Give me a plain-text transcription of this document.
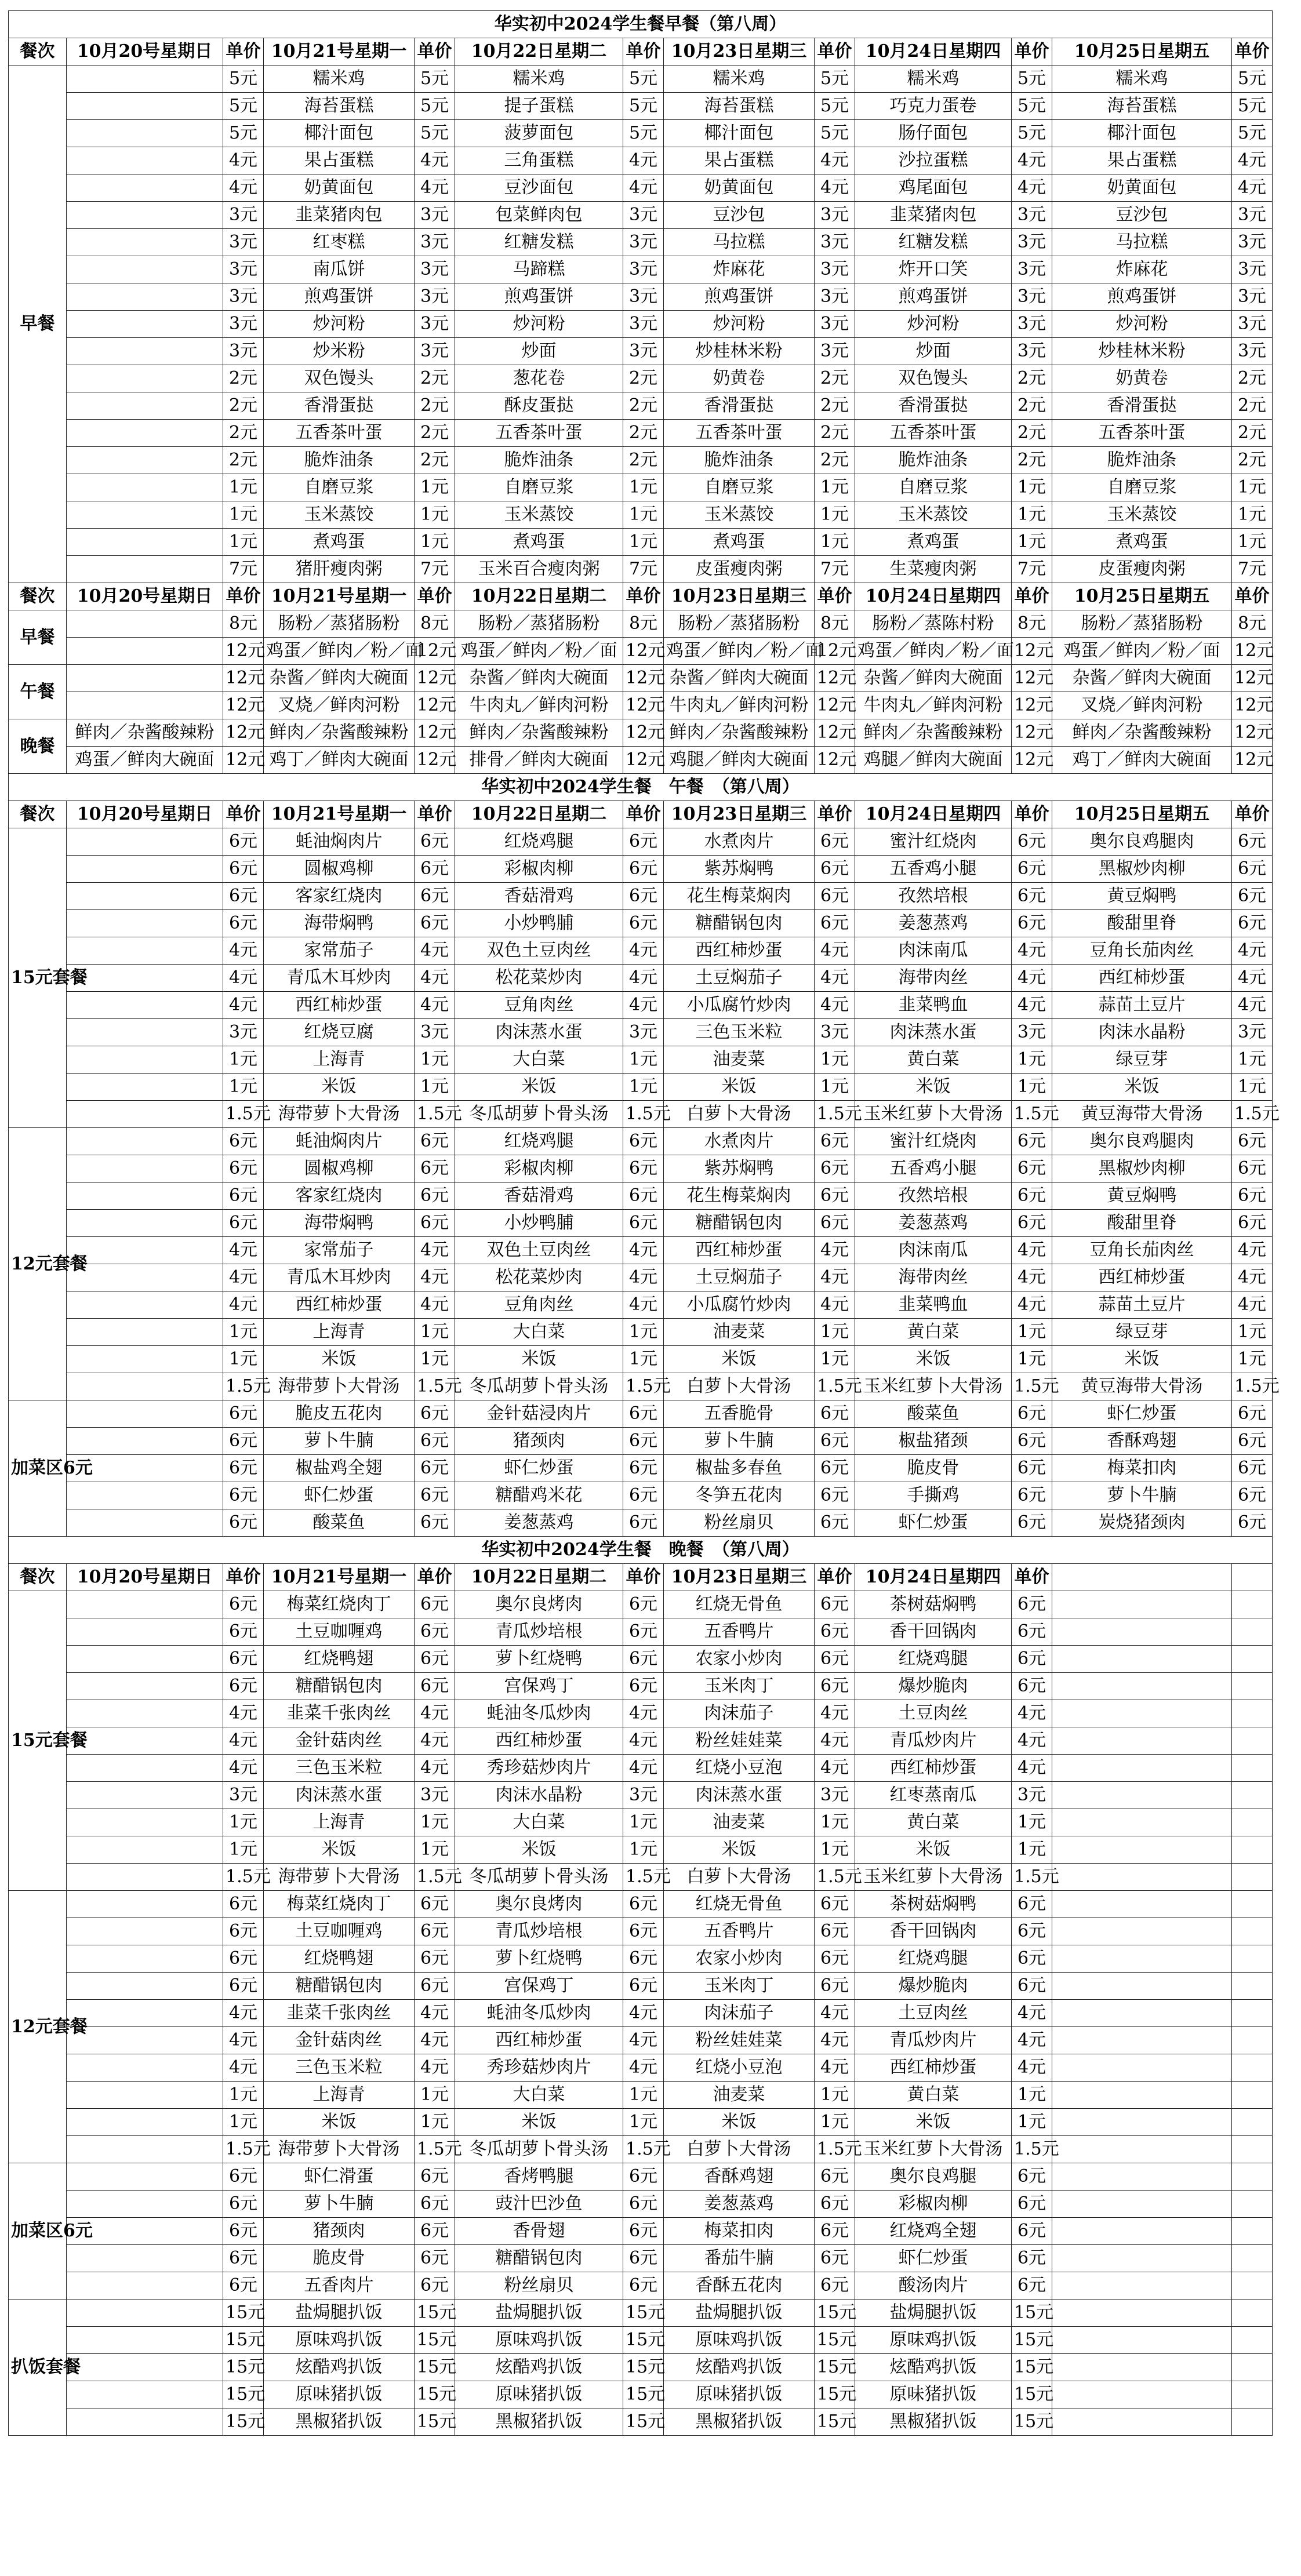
华实初中2024学生餐早餐（第八周）												
餐次	10月20号星期日	单价	10月21号星期一	单价	10月22日星期二	单价	10月23日星期三	单价	10月24日星期四	单价	10月25日星期五	单价
早餐		5元	糯米鸡	5元	糯米鸡	5元	糯米鸡	5元	糯米鸡	5元	糯米鸡	5元
		5元	海苔蛋糕	5元	提子蛋糕	5元	海苔蛋糕	5元	巧克力蛋卷	5元	海苔蛋糕	5元
		5元	椰汁面包	5元	菠萝面包	5元	椰汁面包	5元	肠仔面包	5元	椰汁面包	5元
		4元	果占蛋糕	4元	三角蛋糕	4元	果占蛋糕	4元	沙拉蛋糕	4元	果占蛋糕	4元
		4元	奶黄面包	4元	豆沙面包	4元	奶黄面包	4元	鸡尾面包	4元	奶黄面包	4元
		3元	韭菜猪肉包	3元	包菜鲜肉包	3元	豆沙包	3元	韭菜猪肉包	3元	豆沙包	3元
		3元	红枣糕	3元	红糖发糕	3元	马拉糕	3元	红糖发糕	3元	马拉糕	3元
		3元	南瓜饼	3元	马蹄糕	3元	炸麻花	3元	炸开口笑	3元	炸麻花	3元
		3元	煎鸡蛋饼	3元	煎鸡蛋饼	3元	煎鸡蛋饼	3元	煎鸡蛋饼	3元	煎鸡蛋饼	3元
		3元	炒河粉	3元	炒河粉	3元	炒河粉	3元	炒河粉	3元	炒河粉	3元
		3元	炒米粉	3元	炒面	3元	炒桂林米粉	3元	炒面	3元	炒桂林米粉	3元
		2元	双色馒头	2元	葱花卷	2元	奶黄卷	2元	双色馒头	2元	奶黄卷	2元
		2元	香滑蛋挞	2元	酥皮蛋挞	2元	香滑蛋挞	2元	香滑蛋挞	2元	香滑蛋挞	2元
		2元	五香茶叶蛋	2元	五香茶叶蛋	2元	五香茶叶蛋	2元	五香茶叶蛋	2元	五香茶叶蛋	2元
		2元	脆炸油条	2元	脆炸油条	2元	脆炸油条	2元	脆炸油条	2元	脆炸油条	2元
		1元	自磨豆浆	1元	自磨豆浆	1元	自磨豆浆	1元	自磨豆浆	1元	自磨豆浆	1元
		1元	玉米蒸饺	1元	玉米蒸饺	1元	玉米蒸饺	1元	玉米蒸饺	1元	玉米蒸饺	1元
		1元	煮鸡蛋	1元	煮鸡蛋	1元	煮鸡蛋	1元	煮鸡蛋	1元	煮鸡蛋	1元
		7元	猪肝瘦肉粥	7元	玉米百合瘦肉粥	7元	皮蛋瘦肉粥	7元	生菜瘦肉粥	7元	皮蛋瘦肉粥	7元
餐次	10月20号星期日	单价	10月21号星期一	单价	10月22日星期二	单价	10月23日星期三	单价	10月24日星期四	单价	10月25日星期五	单价
早餐		8元	肠粉／蒸猪肠粉	8元	肠粉／蒸猪肠粉	8元	肠粉／蒸猪肠粉	8元	肠粉／蒸陈村粉	8元	肠粉／蒸猪肠粉	8元
		12元	鸡蛋／鲜肉／粉／面	12元	鸡蛋／鲜肉／粉／面	12元	鸡蛋／鲜肉／粉／面	12元	鸡蛋／鲜肉／粉／面	12元	鸡蛋／鲜肉／粉／面	12元
午餐		12元	杂酱／鲜肉大碗面	12元	杂酱／鲜肉大碗面	12元	杂酱／鲜肉大碗面	12元	杂酱／鲜肉大碗面	12元	杂酱／鲜肉大碗面	12元
		12元	叉烧／鲜肉河粉	12元	牛肉丸／鲜肉河粉	12元	牛肉丸／鲜肉河粉	12元	牛肉丸／鲜肉河粉	12元	叉烧／鲜肉河粉	12元
晚餐	鲜肉／杂酱酸辣粉	12元	鲜肉／杂酱酸辣粉	12元	鲜肉／杂酱酸辣粉	12元	鲜肉／杂酱酸辣粉	12元	鲜肉／杂酱酸辣粉	12元	鲜肉／杂酱酸辣粉	12元
	鸡蛋／鲜肉大碗面	12元	鸡丁／鲜肉大碗面	12元	排骨／鲜肉大碗面	12元	鸡腿／鲜肉大碗面	12元	鸡腿／鲜肉大碗面	12元	鸡丁／鲜肉大碗面	12元
华实初中2024学生餐　午餐　（第八周）												
餐次	10月20号星期日	单价	10月21号星期一	单价	10月22日星期二	单价	10月23日星期三	单价	10月24日星期四	单价	10月25日星期五	单价
15元套餐		6元	蚝油焖肉片	6元	红烧鸡腿	6元	水煮肉片	6元	蜜汁红烧肉	6元	奥尔良鸡腿肉	6元
		6元	圆椒鸡柳	6元	彩椒肉柳	6元	紫苏焖鸭	6元	五香鸡小腿	6元	黑椒炒肉柳	6元
		6元	客家红烧肉	6元	香菇滑鸡	6元	花生梅菜焖肉	6元	孜然培根	6元	黄豆焖鸭	6元
		6元	海带焖鸭	6元	小炒鸭脯	6元	糖醋锅包肉	6元	姜葱蒸鸡	6元	酸甜里脊	6元
		4元	家常茄子	4元	双色土豆肉丝	4元	西红柿炒蛋	4元	肉沫南瓜	4元	豆角长茄肉丝	4元
		4元	青瓜木耳炒肉	4元	松花菜炒肉	4元	土豆焖茄子	4元	海带肉丝	4元	西红柿炒蛋	4元
		4元	西红柿炒蛋	4元	豆角肉丝	4元	小瓜腐竹炒肉	4元	韭菜鸭血	4元	蒜苗土豆片	4元
		3元	红烧豆腐	3元	肉沫蒸水蛋	3元	三色玉米粒	3元	肉沫蒸水蛋	3元	肉沫水晶粉	3元
		1元	上海青	1元	大白菜	1元	油麦菜	1元	黄白菜	1元	绿豆芽	1元
		1元	米饭	1元	米饭	1元	米饭	1元	米饭	1元	米饭	1元
		1.5元	海带萝卜大骨汤	1.5元	冬瓜胡萝卜骨头汤	1.5元	白萝卜大骨汤	1.5元	玉米红萝卜大骨汤	1.5元	黄豆海带大骨汤	1.5元
12元套餐		6元	蚝油焖肉片	6元	红烧鸡腿	6元	水煮肉片	6元	蜜汁红烧肉	6元	奥尔良鸡腿肉	6元
		6元	圆椒鸡柳	6元	彩椒肉柳	6元	紫苏焖鸭	6元	五香鸡小腿	6元	黑椒炒肉柳	6元
		6元	客家红烧肉	6元	香菇滑鸡	6元	花生梅菜焖肉	6元	孜然培根	6元	黄豆焖鸭	6元
		6元	海带焖鸭	6元	小炒鸭脯	6元	糖醋锅包肉	6元	姜葱蒸鸡	6元	酸甜里脊	6元
		4元	家常茄子	4元	双色土豆肉丝	4元	西红柿炒蛋	4元	肉沫南瓜	4元	豆角长茄肉丝	4元
		4元	青瓜木耳炒肉	4元	松花菜炒肉	4元	土豆焖茄子	4元	海带肉丝	4元	西红柿炒蛋	4元
		4元	西红柿炒蛋	4元	豆角肉丝	4元	小瓜腐竹炒肉	4元	韭菜鸭血	4元	蒜苗土豆片	4元
		1元	上海青	1元	大白菜	1元	油麦菜	1元	黄白菜	1元	绿豆芽	1元
		1元	米饭	1元	米饭	1元	米饭	1元	米饭	1元	米饭	1元
		1.5元	海带萝卜大骨汤	1.5元	冬瓜胡萝卜骨头汤	1.5元	白萝卜大骨汤	1.5元	玉米红萝卜大骨汤	1.5元	黄豆海带大骨汤	1.5元
加菜区6元		6元	脆皮五花肉	6元	金针菇浸肉片	6元	五香脆骨	6元	酸菜鱼	6元	虾仁炒蛋	6元
		6元	萝卜牛腩	6元	猪颈肉	6元	萝卜牛腩	6元	椒盐猪颈	6元	香酥鸡翅	6元
		6元	椒盐鸡全翅	6元	虾仁炒蛋	6元	椒盐多春鱼	6元	脆皮骨	6元	梅菜扣肉	6元
		6元	虾仁炒蛋	6元	糖醋鸡米花	6元	冬笋五花肉	6元	手撕鸡	6元	萝卜牛腩	6元
		6元	酸菜鱼	6元	姜葱蒸鸡	6元	粉丝扇贝	6元	虾仁炒蛋	6元	炭烧猪颈肉	6元
华实初中2024学生餐　晚餐　（第八周）												
餐次	10月20号星期日	单价	10月21号星期一	单价	10月22日星期二	单价	10月23日星期三	单价	10月24日星期四	单价		
15元套餐		6元	梅菜红烧肉丁	6元	奥尔良烤肉	6元	红烧无骨鱼	6元	茶树菇焖鸭	6元		
		6元	土豆咖喱鸡	6元	青瓜炒培根	6元	五香鸭片	6元	香干回锅肉	6元		
		6元	红烧鸭翅	6元	萝卜红烧鸭	6元	农家小炒肉	6元	红烧鸡腿	6元		
		6元	糖醋锅包肉	6元	宫保鸡丁	6元	玉米肉丁	6元	爆炒脆肉	6元		
		4元	韭菜千张肉丝	4元	蚝油冬瓜炒肉	4元	肉沫茄子	4元	土豆肉丝	4元		
		4元	金针菇肉丝	4元	西红柿炒蛋	4元	粉丝娃娃菜	4元	青瓜炒肉片	4元		
		4元	三色玉米粒	4元	秀珍菇炒肉片	4元	红烧小豆泡	4元	西红柿炒蛋	4元		
		3元	肉沫蒸水蛋	3元	肉沫水晶粉	3元	肉沫蒸水蛋	3元	红枣蒸南瓜	3元		
		1元	上海青	1元	大白菜	1元	油麦菜	1元	黄白菜	1元		
		1元	米饭	1元	米饭	1元	米饭	1元	米饭	1元		
		1.5元	海带萝卜大骨汤	1.5元	冬瓜胡萝卜骨头汤	1.5元	白萝卜大骨汤	1.5元	玉米红萝卜大骨汤	1.5元		
12元套餐		6元	梅菜红烧肉丁	6元	奥尔良烤肉	6元	红烧无骨鱼	6元	茶树菇焖鸭	6元		
		6元	土豆咖喱鸡	6元	青瓜炒培根	6元	五香鸭片	6元	香干回锅肉	6元		
		6元	红烧鸭翅	6元	萝卜红烧鸭	6元	农家小炒肉	6元	红烧鸡腿	6元		
		6元	糖醋锅包肉	6元	宫保鸡丁	6元	玉米肉丁	6元	爆炒脆肉	6元		
		4元	韭菜千张肉丝	4元	蚝油冬瓜炒肉	4元	肉沫茄子	4元	土豆肉丝	4元		
		4元	金针菇肉丝	4元	西红柿炒蛋	4元	粉丝娃娃菜	4元	青瓜炒肉片	4元		
		4元	三色玉米粒	4元	秀珍菇炒肉片	4元	红烧小豆泡	4元	西红柿炒蛋	4元		
		1元	上海青	1元	大白菜	1元	油麦菜	1元	黄白菜	1元		
		1元	米饭	1元	米饭	1元	米饭	1元	米饭	1元		
		1.5元	海带萝卜大骨汤	1.5元	冬瓜胡萝卜骨头汤	1.5元	白萝卜大骨汤	1.5元	玉米红萝卜大骨汤	1.5元		
加菜区6元		6元	虾仁滑蛋	6元	香烤鸭腿	6元	香酥鸡翅	6元	奥尔良鸡腿	6元		
		6元	萝卜牛腩	6元	豉汁巴沙鱼	6元	姜葱蒸鸡	6元	彩椒肉柳	6元		
		6元	猪颈肉	6元	香骨翅	6元	梅菜扣肉	6元	红烧鸡全翅	6元		
		6元	脆皮骨	6元	糖醋锅包肉	6元	番茄牛腩	6元	虾仁炒蛋	6元		
		6元	五香肉片	6元	粉丝扇贝	6元	香酥五花肉	6元	酸汤肉片	6元		
扒饭套餐		15元	盐焗腿扒饭	15元	盐焗腿扒饭	15元	盐焗腿扒饭	15元	盐焗腿扒饭	15元		
		15元	原味鸡扒饭	15元	原味鸡扒饭	15元	原味鸡扒饭	15元	原味鸡扒饭	15元		
		15元	炫酷鸡扒饭	15元	炫酷鸡扒饭	15元	炫酷鸡扒饭	15元	炫酷鸡扒饭	15元		
		15元	原味猪扒饭	15元	原味猪扒饭	15元	原味猪扒饭	15元	原味猪扒饭	15元		
		15元	黑椒猪扒饭	15元	黑椒猪扒饭	15元	黑椒猪扒饭	15元	黑椒猪扒饭	15元		
